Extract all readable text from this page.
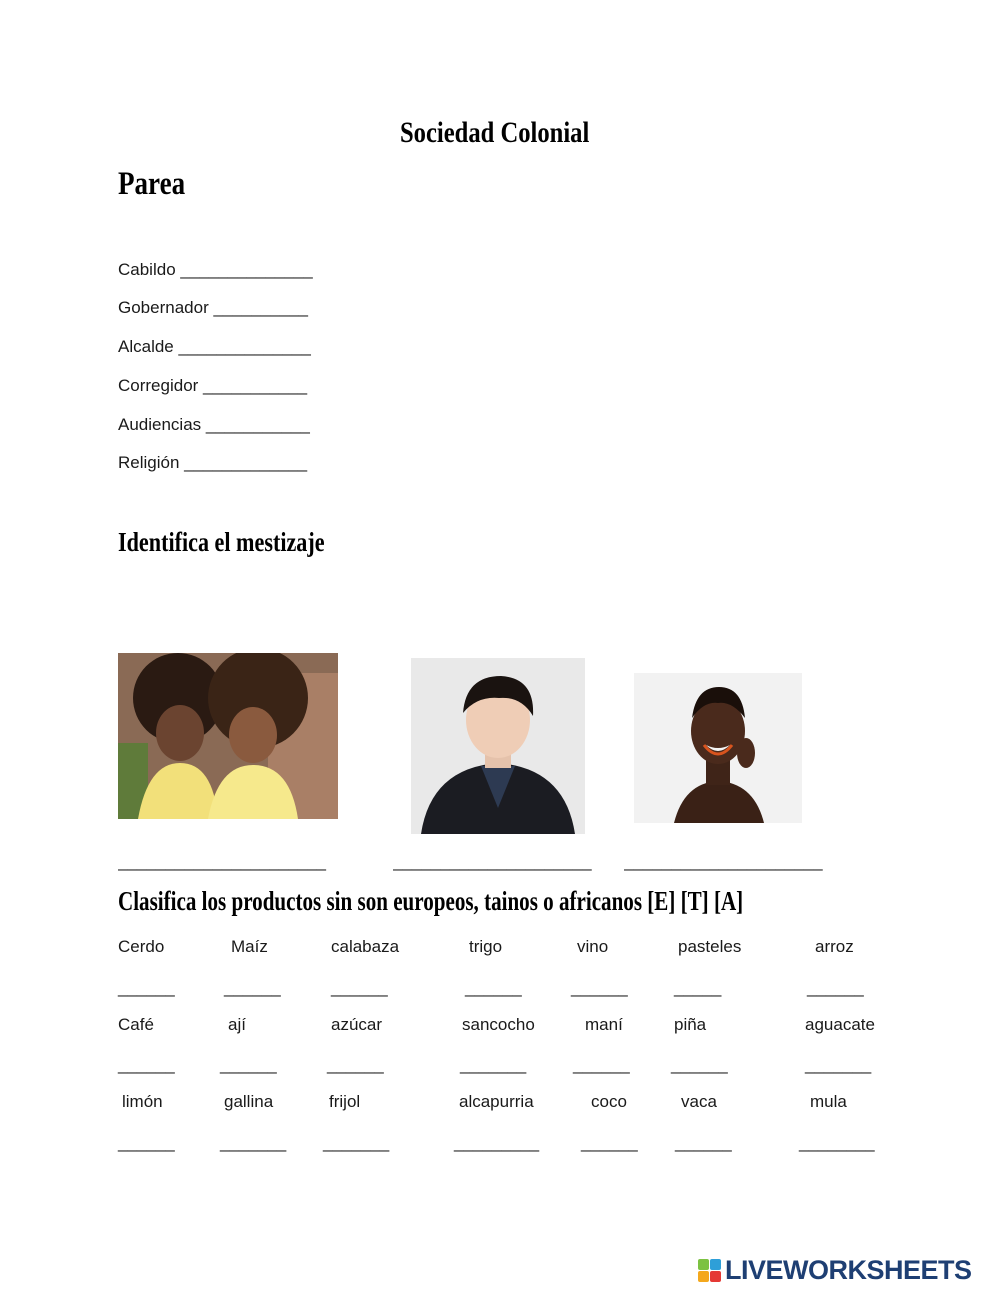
Sociedad Colonial
Parea
Cabildo ______________
Gobernador __________
Alcalde ______________
Corregidor ___________
Audiencias ___________
Religión _____________
Identifica el mestizaje
______________________	_____________________	_____________________
Clasifica los productos sin son europeos, tainos o africanos [E] [T] [A]
Cerdo	Maíz	calabaza	trigo	vino	pasteles	arroz
______	______	______	______	______	_____	______
Café	ají	azúcar	sancocho	maní	piña	aguacate
______	______	______	_______	______ ______	_______
limón	gallina	frijol	alcapurria	coco	vaca	mula
______	_______ _______	_________ ______ ______	________
LIVEWORKSHEETS
